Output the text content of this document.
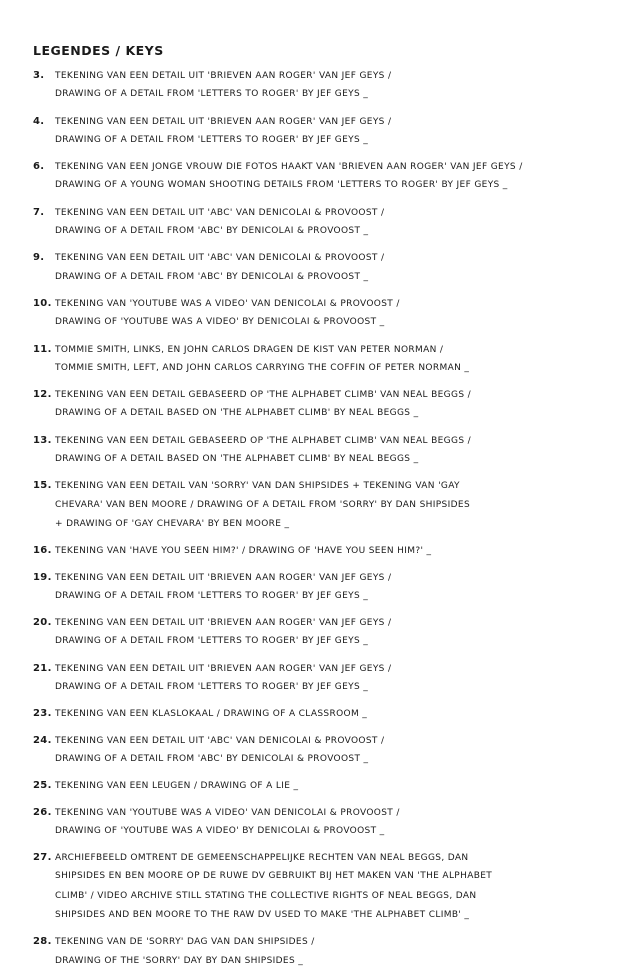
LEGENDES / KEYS
3. TEKENING VAN EEN DETAIL UIT 'BRIEVEN AAN ROGER' VAN JEF GEYS /
DRAWING OF A DETAIL FROM 'LETTERS TO ROGER' BY JEF GEYS _
4. TEKENING VAN EEN DETAIL UIT 'BRIEVEN AAN ROGER' VAN JEF GEYS /
DRAWING OF A DETAIL FROM 'LETTERS TO ROGER' BY JEF GEYS _
6. TEKENING VAN EEN JONGE VROUW DIE FOTOS HAAKT VAN 'BRIEVEN AAN ROGER' VAN JEF GEYS /
DRAWING OF A YOUNG WOMAN SHOOTING DETAILS FROM 'LETTERS TO ROGER' BY JEF GEYS _
7. TEKENING VAN EEN DETAIL UIT 'ABC' VAN DENICOLAI & PROVOOST /
DRAWING OF A DETAIL FROM 'ABC' BY DENICOLAI & PROVOOST _
9. TEKENING VAN EEN DETAIL UIT 'ABC' VAN DENICOLAI & PROVOOST /
DRAWING OF A DETAIL FROM 'ABC' BY DENICOLAI & PROVOOST _
10. TEKENING VAN 'YOUTUBE WAS A VIDEO' VAN DENICOLAI & PROVOOST /
DRAWING OF 'YOUTUBE WAS A VIDEO' BY DENICOLAI & PROVOOST _
11. TOMMIE SMITH, LINKS, EN JOHN CARLOS DRAGEN DE KIST VAN PETER NORMAN /
TOMMIE SMITH, LEFT, AND JOHN CARLOS CARRYING THE COFFIN OF PETER NORMAN _
12. TEKENING VAN EEN DETAIL GEBASEERD OP 'THE ALPHABET CLIMB' VAN NEAL BEGGS /
DRAWING OF A DETAIL BASED ON 'THE ALPHABET CLIMB' BY NEAL BEGGS _
13. TEKENING VAN EEN DETAIL GEBASEERD OP 'THE ALPHABET CLIMB' VAN NEAL BEGGS /
DRAWING OF A DETAIL BASED ON 'THE ALPHABET CLIMB' BY NEAL BEGGS _
15. TEKENING VAN EEN DETAIL VAN 'SORRY' VAN DAN SHIPSIDES + TEKENING VAN 'GAY
CHEVARA' VAN BEN MOORE / DRAWING OF A DETAIL FROM 'SORRY' BY DAN SHIPSIDES
+ DRAWING OF 'GAY CHEVARA' BY BEN MOORE _
16. TEKENING VAN 'HAVE YOU SEEN HIM?' / DRAWING OF 'HAVE YOU SEEN HIM?' _
19. TEKENING VAN EEN DETAIL UIT 'BRIEVEN AAN ROGER' VAN JEF GEYS /
DRAWING OF A DETAIL FROM 'LETTERS TO ROGER' BY JEF GEYS _
20. TEKENING VAN EEN DETAIL UIT 'BRIEVEN AAN ROGER' VAN JEF GEYS /
DRAWING OF A DETAIL FROM 'LETTERS TO ROGER' BY JEF GEYS _
21. TEKENING VAN EEN DETAIL UIT 'BRIEVEN AAN ROGER' VAN JEF GEYS /
DRAWING OF A DETAIL FROM 'LETTERS TO ROGER' BY JEF GEYS _
23. TEKENING VAN EEN KLASLOKAAL / DRAWING OF A CLASSROOM _
24. TEKENING VAN EEN DETAIL UIT 'ABC' VAN DENICOLAI & PROVOOST /
DRAWING OF A DETAIL FROM 'ABC' BY DENICOLAI & PROVOOST _
25. TEKENING VAN EEN LEUGEN / DRAWING OF A LIE _
26. TEKENING VAN 'YOUTUBE WAS A VIDEO' VAN DENICOLAI & PROVOOST /
DRAWING OF 'YOUTUBE WAS A VIDEO' BY DENICOLAI & PROVOOST _
27. ARCHIEFBEELD OMTRENT DE GEMEENSCHAPPELIJKE RECHTEN VAN NEAL BEGGS, DAN
SHIPSIDES EN BEN MOORE OP DE RUWE DV GEBRUIKT BIJ HET MAKEN VAN 'THE ALPHABET
CLIMB' / VIDEO ARCHIVE STILL STATING THE COLLECTIVE RIGHTS OF NEAL BEGGS, DAN
SHIPSIDES AND BEN MOORE TO THE RAW DV USED TO MAKE 'THE ALPHABET CLIMB' _
28. TEKENING VAN DE 'SORRY' DAG VAN DAN SHIPSIDES /
DRAWING OF THE 'SORRY' DAY BY DAN SHIPSIDES _
